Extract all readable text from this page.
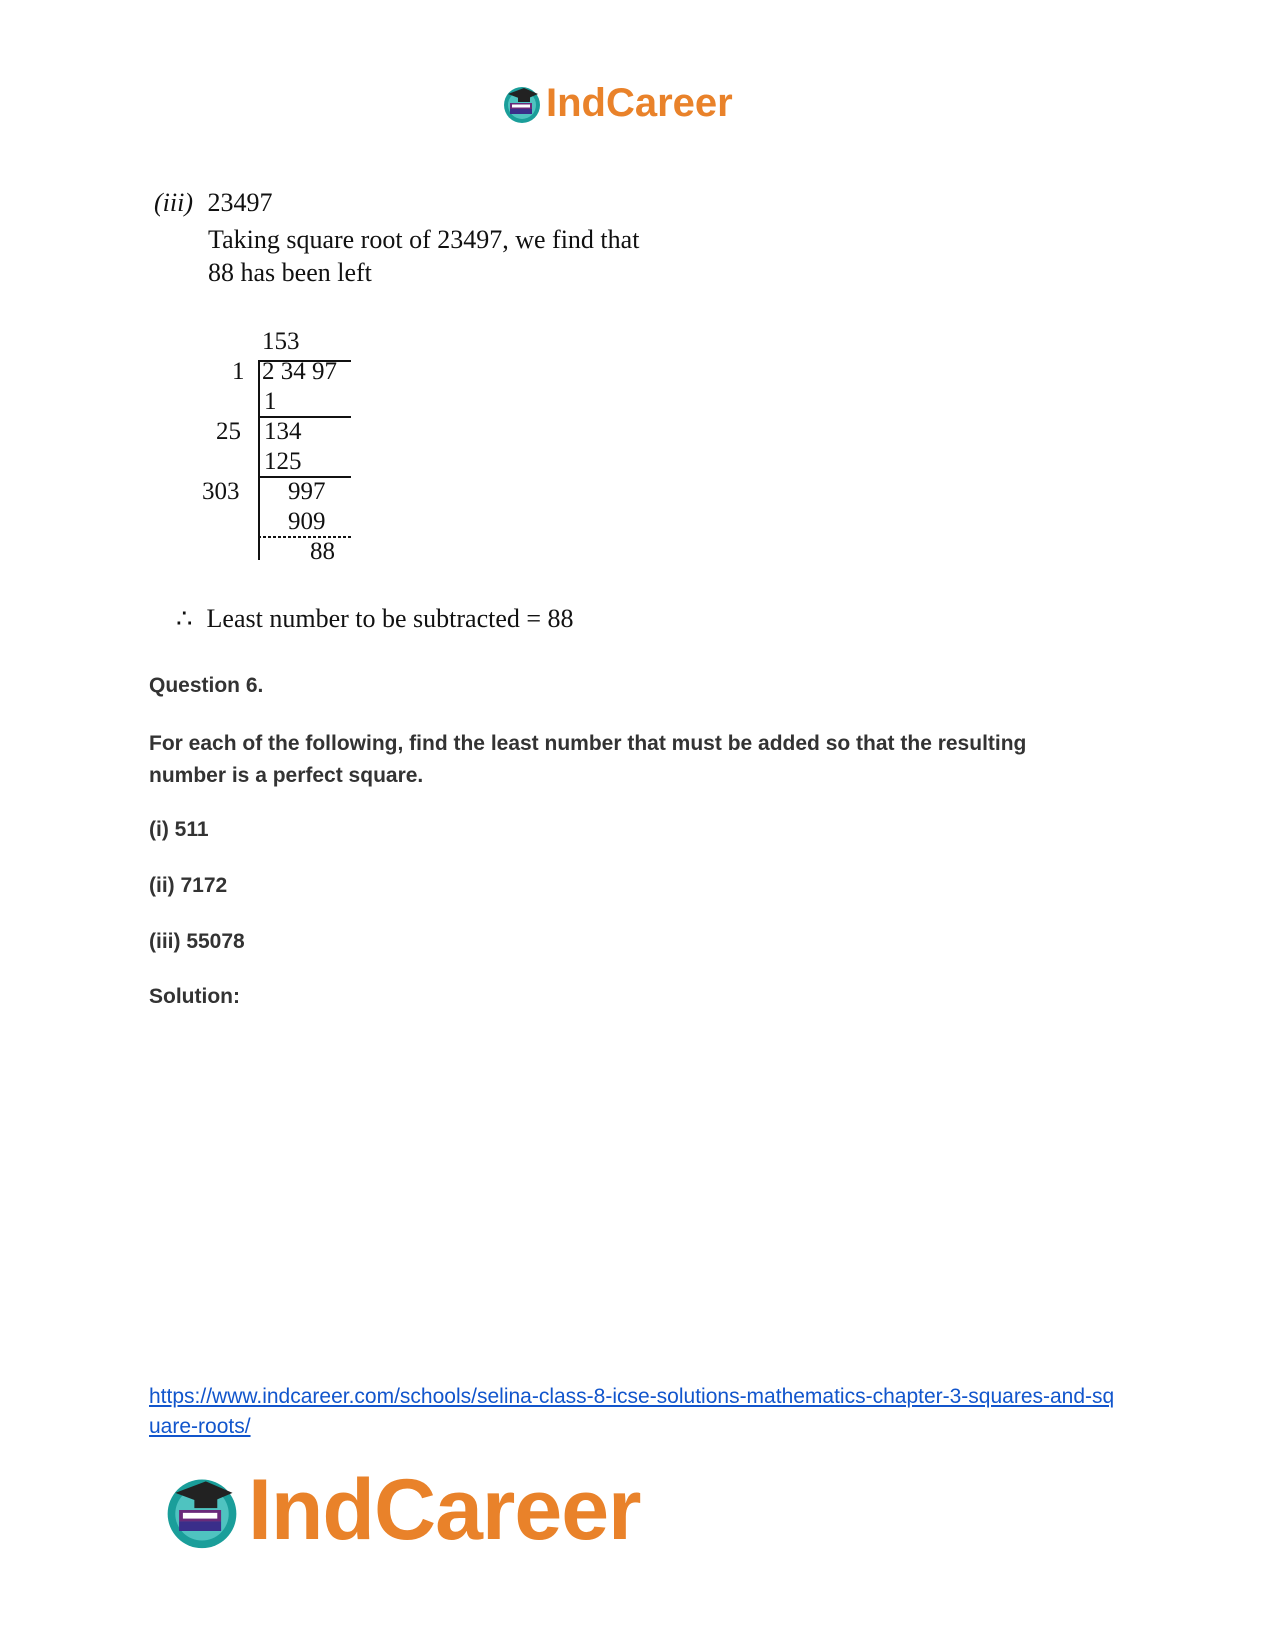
IndCareer
(iii) 23497
Taking square root of 23497, we find that
88 has been left
153
1 2 34 97
1
25 134
125
303 997
909
88
∴ Least number to be subtracted = 88
Question 6.
For each of the following, find the least number that must be added so that the resulting number is a perfect square.
(i) 511
(ii) 7172
(iii) 55078
Solution:
https://www.indcareer.com/schools/selina-class-8-icse-solutions-mathematics-chapter-3-squares-and-square-roots/
IndCareer
